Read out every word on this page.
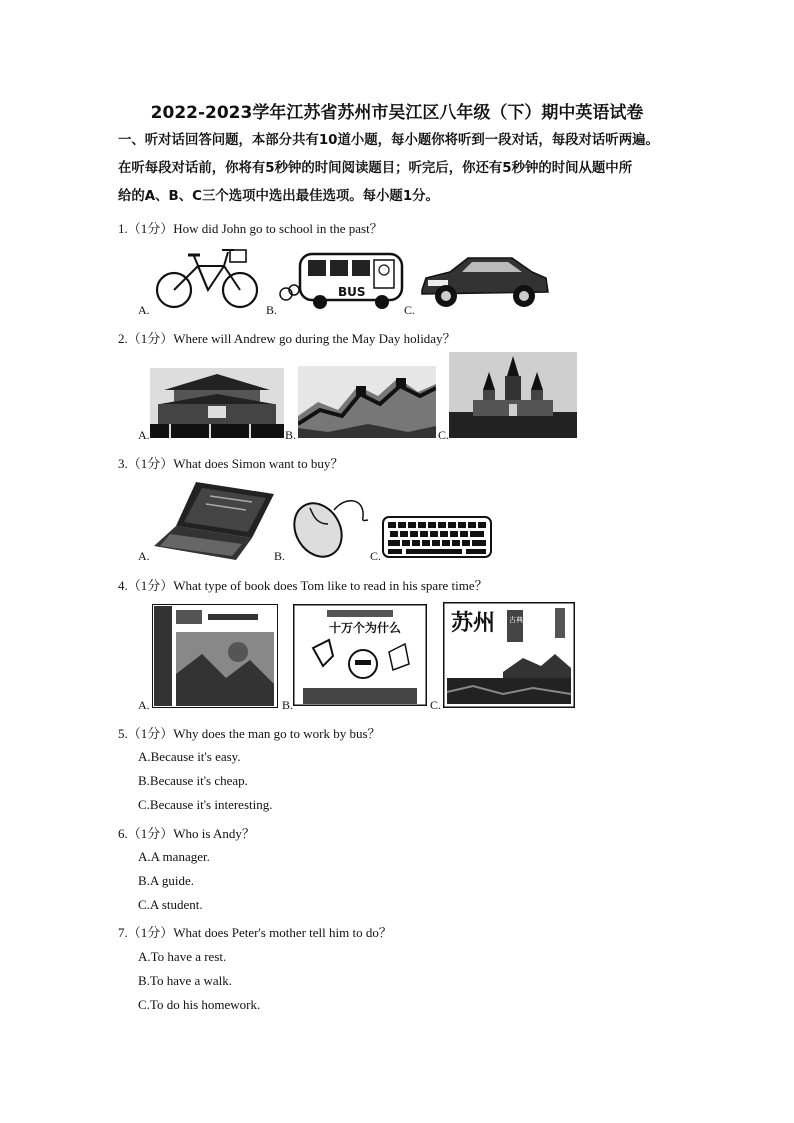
2022-2023学年江苏省苏州市吴江区八年级（下）期中英语试卷
一、听对话回答问题，本部分共有10道小题，每小题你将听到一段对话，每段对话听两遍。
在听每段对话前，你将有5秒钟的时间阅读题目；听完后，你还有5秒钟的时间从题中所
给的A、B、C三个选项中选出最佳选项。每小题1分。
1.（1分）How did John go to school in the past？
A.	B.
BUS
C.
2.（1分）Where will Andrew go during the May Day holiday？
A.	B.	C.
3.（1分）What does Simon want to buy？
A.	B.	C.
4.（1分）What type of book does Tom like to read in his spare time？
A.	B.
十万个为什么
C.
苏州 古典园林
5.（1分）Why does the man go to work by bus？
A.Because it's easy.
B.Because it's cheap.
C.Because it's interesting.
6.（1分）Who is Andy？
A.A manager.
B.A guide.
C.A student.
7.（1分）What does Peter's mother tell him to do？
A.To have a rest.
B.To have a walk.
C.To do his homework.
